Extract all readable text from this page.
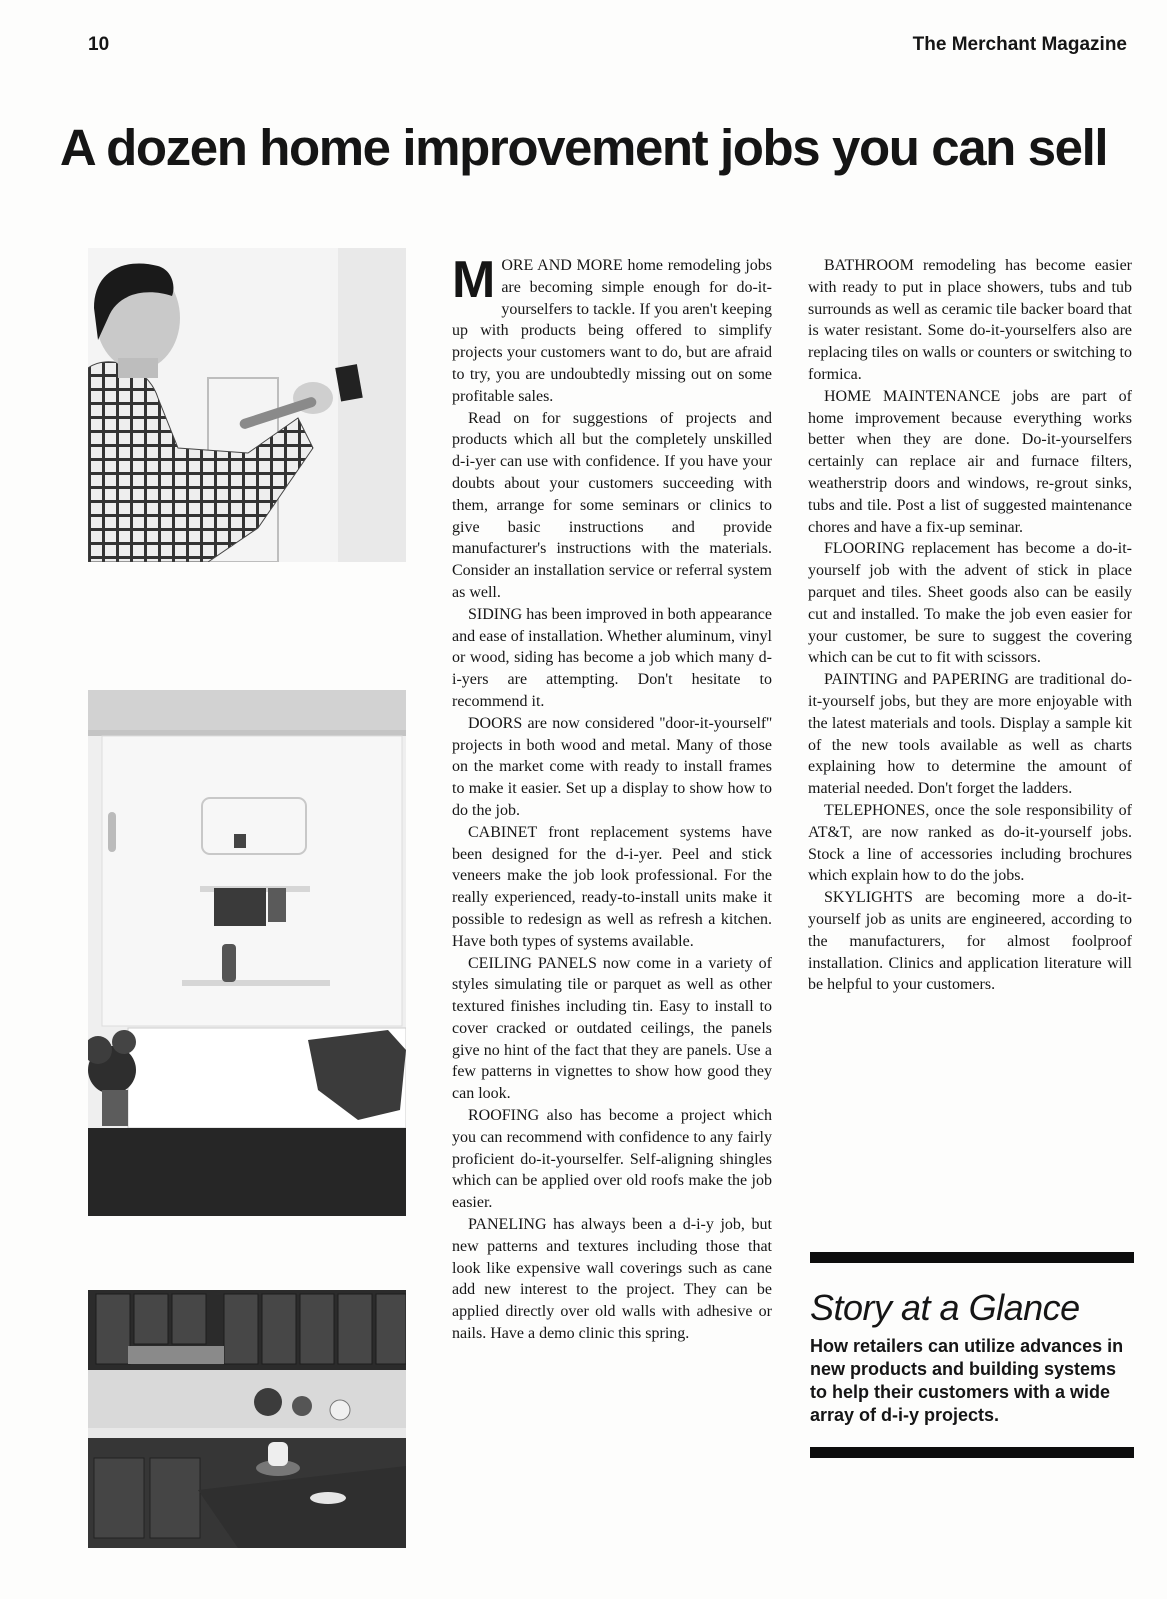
10	The Merchant Magazine
A dozen home improvement jobs you can sell

MORE AND MORE home remodeling jobs are becoming simple enough for do-it-yourselfers to tackle. If you aren't keeping up with products being offered to simplify projects your customers want to do, but are afraid to try, you are undoubtedly missing out on some profitable sales.

Read on for suggestions of projects and products which all but the completely unskilled d-i-yer can use with confidence. If you have your doubts about your customers succeeding with them, arrange for some seminars or clinics to give basic instructions and provide manufacturer's instructions with the materials. Consider an installation service or referral system as well.

SIDING has been improved in both appearance and ease of installation. Whether aluminum, vinyl or wood, siding has become a job which many d-i-yers are attempting. Don't hesitate to recommend it.

DOORS are now considered ''door-it-yourself'' projects in both wood and metal. Many of those on the market come with ready to install frames to make it easier. Set up a display to show how to do the job.

CABINET front replacement systems have been designed for the d-i-yer. Peel and stick veneers make the job look professional. For the really experienced, ready-to-install units make it possible to redesign as well as refresh a kitchen. Have both types of systems available.

CEILING PANELS now come in a variety of styles simulating tile or parquet as well as other textured finishes including tin. Easy to install to cover cracked or outdated ceilings, the panels give no hint of the fact that they are panels. Use a few patterns in vignettes to show how good they can look.

ROOFING also has become a project which you can recommend with confidence to any fairly proficient do-it-yourselfer. Self-aligning shingles which can be applied over old roofs make the job easier.

PANELING has always been a d-i-y job, but new patterns and textures including those that look like expensive wall coverings such as cane add new interest to the project. They can be applied directly over old walls with adhesive or nails. Have a demo clinic this spring.

BATHROOM remodeling has become easier with ready to put in place showers, tubs and tub surrounds as well as ceramic tile backer board that is water resistant. Some do-it-yourselfers also are replacing tiles on walls or counters or switching to formica.

HOME MAINTENANCE jobs are part of home improvement because everything works better when they are done. Do-it-yourselfers certainly can replace air and furnace filters, weatherstrip doors and windows, re-grout sinks, tubs and tile. Post a list of suggested maintenance chores and have a fix-up seminar.

FLOORING replacement has become a do-it-yourself job with the advent of stick in place parquet and tiles. Sheet goods also can be easily cut and installed. To make the job even easier for your customer, be sure to suggest the covering which can be cut to fit with scissors.

PAINTING and PAPERING are traditional do-it-yourself jobs, but they are more enjoyable with the latest materials and tools. Display a sample kit of the new tools available as well as charts explaining how to determine the amount of material needed. Don't forget the ladders.

TELEPHONES, once the sole responsibility of AT&T, are now ranked as do-it-yourself jobs. Stock a line of accessories including brochures which explain how to do the jobs.

SKYLIGHTS are becoming more a do-it-yourself job as units are engineered, according to the manufacturers, for almost foolproof installation. Clinics and application literature will be helpful to your customers.

Story at a Glance

How retailers can utilize advances in new products and building systems to help their customers with a wide array of d-i-y projects.
